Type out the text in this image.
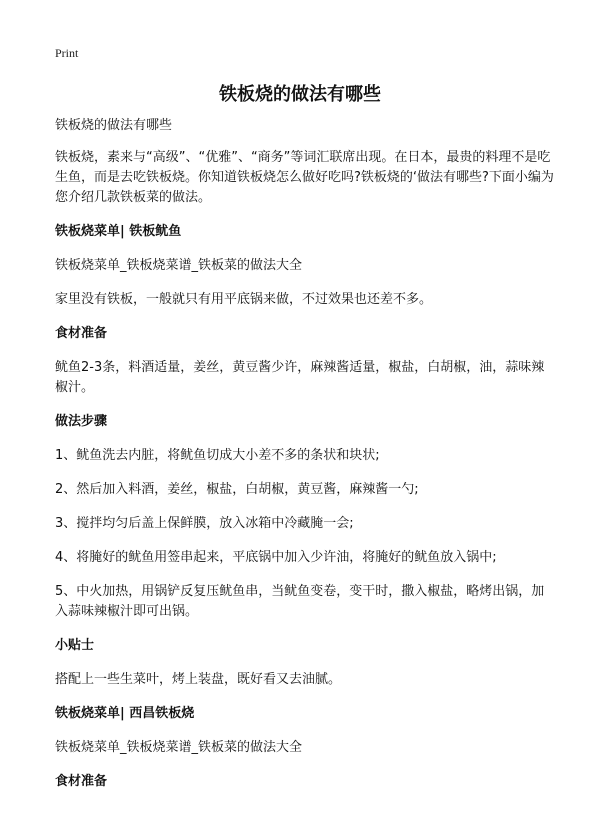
Print
铁板烧的做法有哪些

铁板烧的做法有哪些

铁板烧，素来与“高级”、“优雅”、“商务”等词汇联席出现。在日本，最贵的料理不是吃生鱼，而是去吃铁板烧。你知道铁板烧怎么做好吃吗?铁板烧的‘做法有哪些?下面小编为您介绍几款铁板菜的做法。

铁板烧菜单| 铁板鱿鱼

铁板烧菜单_铁板烧菜谱_铁板菜的做法大全

家里没有铁板，一般就只有用平底锅来做，不过效果也还差不多。

食材准备

鱿鱼2-3条，料酒适量，姜丝，黄豆酱少许，麻辣酱适量，椒盐，白胡椒，油，蒜味辣椒汁。

做法步骤

1、鱿鱼洗去内脏，将鱿鱼切成大小差不多的条状和块状;

2、然后加入料酒，姜丝，椒盐，白胡椒，黄豆酱，麻辣酱一勺;

3、搅拌均匀后盖上保鲜膜，放入冰箱中冷藏腌一会;

4、将腌好的鱿鱼用签串起来，平底锅中加入少许油，将腌好的鱿鱼放入锅中;

5、中火加热，用锅铲反复压鱿鱼串，当鱿鱼变卷，变干时，撒入椒盐，略烤出锅，加入蒜味辣椒汁即可出锅。

小贴士

搭配上一些生菜叶，烤上装盘，既好看又去油腻。

铁板烧菜单| 西昌铁板烧

铁板烧菜单_铁板烧菜谱_铁板菜的做法大全

食材准备
